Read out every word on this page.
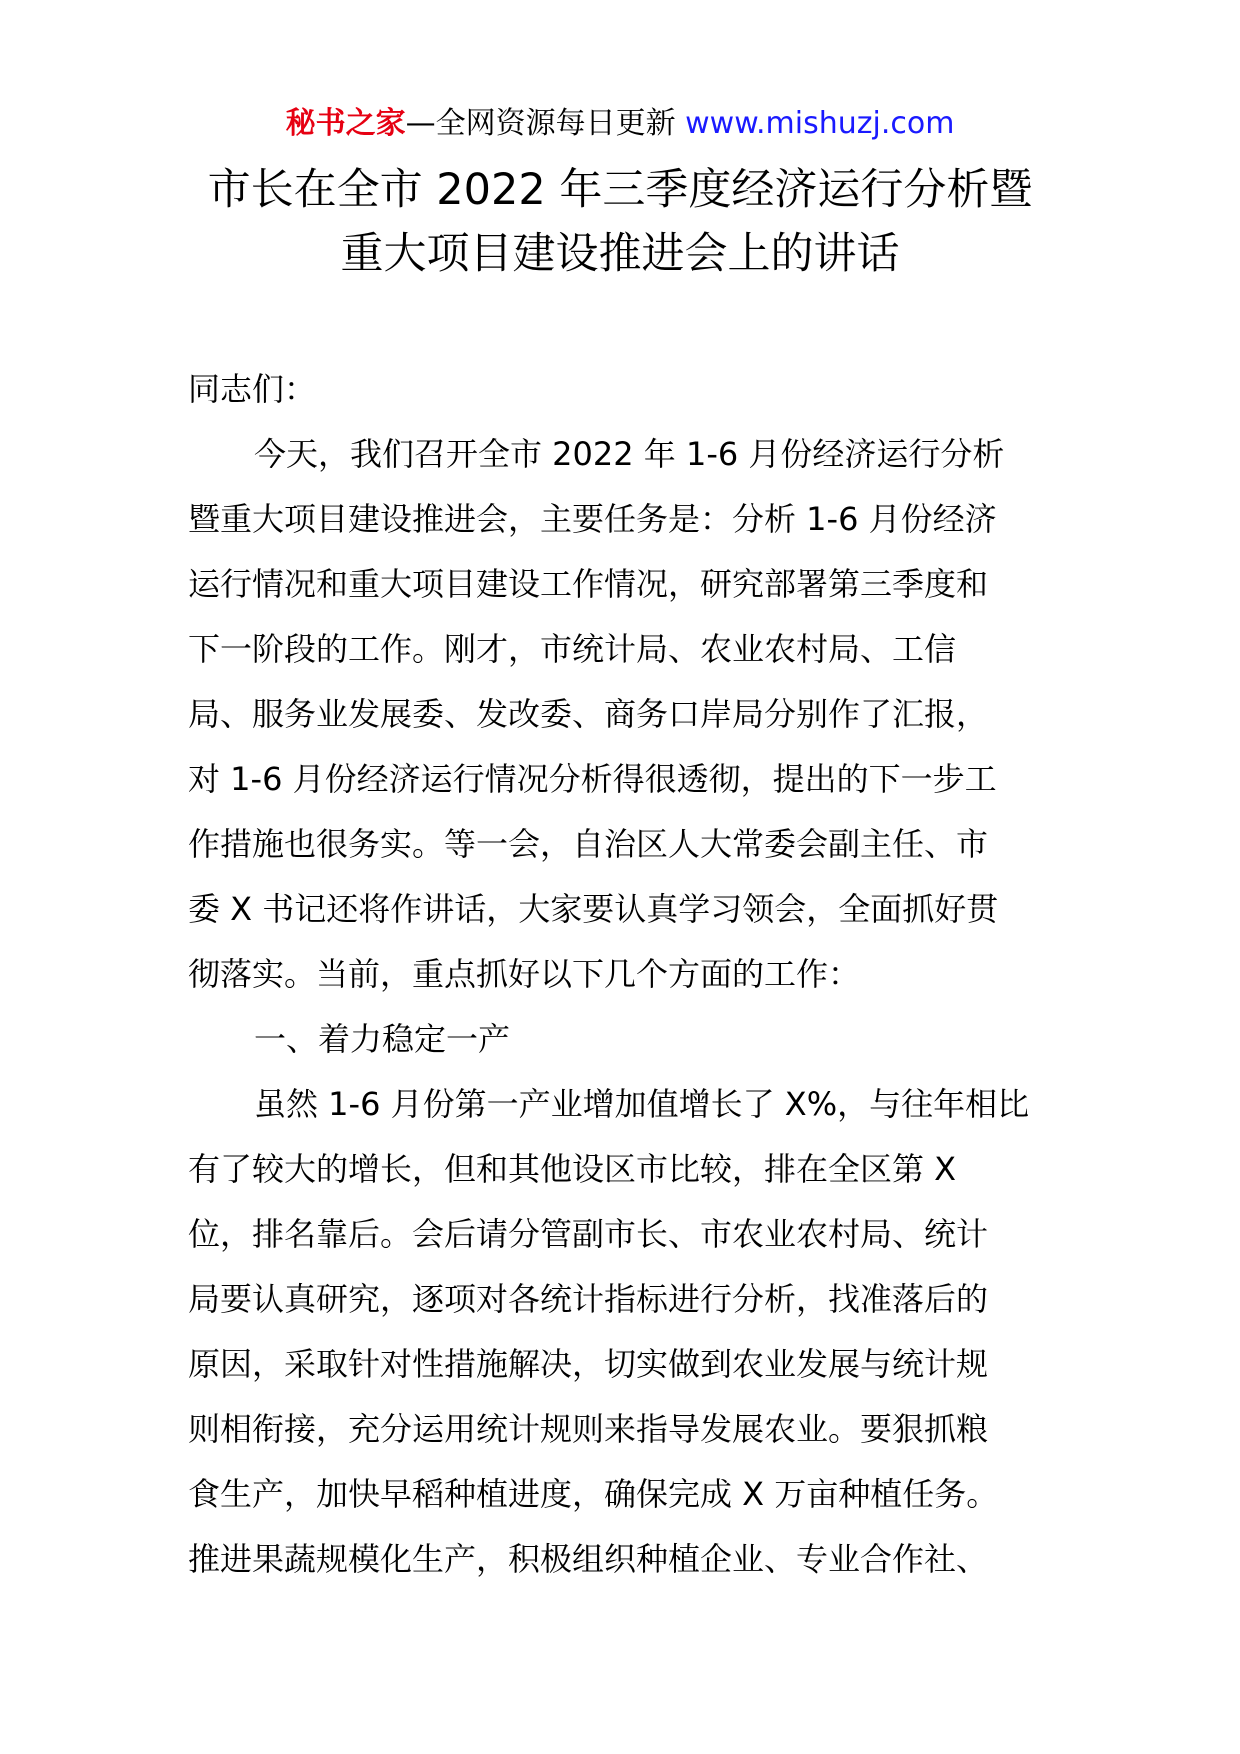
秘书之家—全网资源每日更新 www.mishuzj.com
市长在全市 2022 年三季度经济运行分析暨
重大项目建设推进会上的讲话
同志们：
今天，我们召开全市 2022 年 1-6 月份经济运行分析
暨重大项目建设推进会，主要任务是：分析 1-6 月份经济
运行情况和重大项目建设工作情况，研究部署第三季度和
下一阶段的工作。刚才，市统计局、农业农村局、工信
局、服务业发展委、发改委、商务口岸局分别作了汇报，
对 1-6 月份经济运行情况分析得很透彻，提出的下一步工
作措施也很务实。等一会，自治区人大常委会副主任、市
委 X 书记还将作讲话，大家要认真学习领会，全面抓好贯
彻落实。当前，重点抓好以下几个方面的工作：
一、着力稳定一产
虽然 1-6 月份第一产业增加值增长了 X%，与往年相比
有了较大的增长，但和其他设区市比较，排在全区第 X
位，排名靠后。会后请分管副市长、市农业农村局、统计
局要认真研究，逐项对各统计指标进行分析，找准落后的
原因，采取针对性措施解决，切实做到农业发展与统计规
则相衔接，充分运用统计规则来指导发展农业。要狠抓粮
食生产，加快早稻种植进度，确保完成 X 万亩种植任务。
推进果蔬规模化生产，积极组织种植企业、专业合作社、
